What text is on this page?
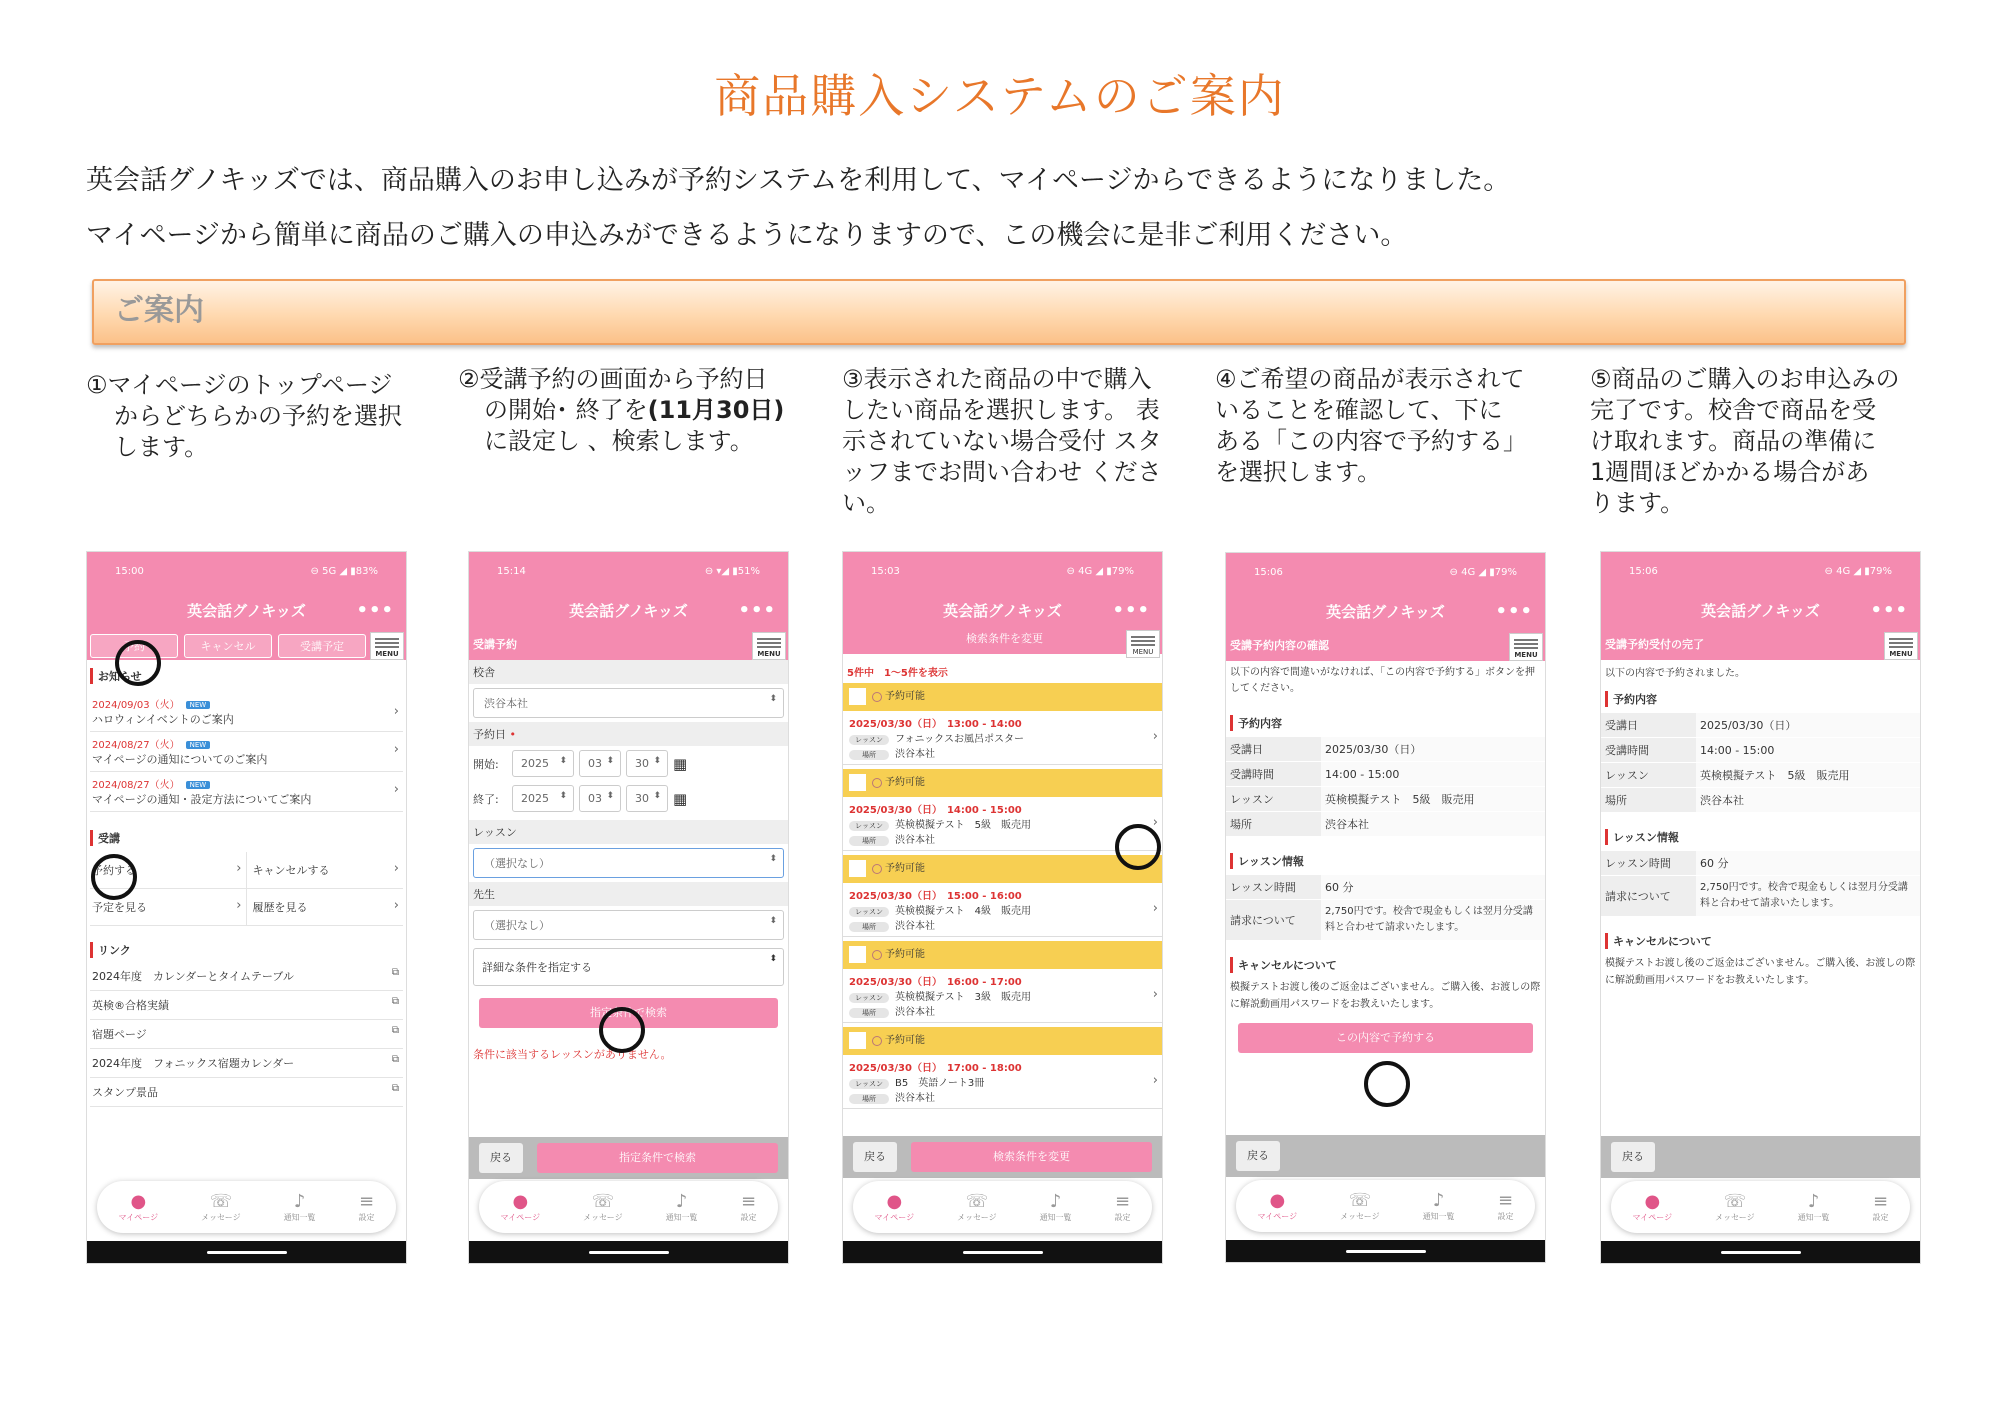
商品購入システムのご案内
英会話グノキッズでは、商品購入のお申し込みが予約システムを利用して、マイページからできるようになりました。
マイページから簡単に商品のご購入の申込みができるようになりますので、この機会に是非ご利用ください。
ご案内
①マイページのトップページ
からどちらかの予約を選択
します。
②受講予約の画面から予約日
の開始･ 終了を(11月30日)
に設定し 、検索します。
③表示された商品の中で購入
したい商品を選択します。 表
示されていない場合受付 スタ
ッフまでお問い合わせ くださ
い。
④ご希望の商品が表示されて
いることを確認して、下に
ある「この内容で予約する」
を選択します。
⑤商品のご購入のお申込みの
完了です。校舎で商品を受
け取れます。商品の準備に
1週間ほどかかる場合があ
ります。
15:00	⊖ 5G ◢ ▮83%
英会話グノキッズ	•••
予約	キャンセル	受講予定
MENU
お知らせ
2024/09/03（火） NEW
ハロウィンイベントのご案内
›
2024/08/27（火） NEW
マイページの通知についてのご案内
›
2024/08/27（火） NEW
マイページの通知・設定方法についてご案内
›
受講
予約する	›	キャンセルする	›
予定を見る	›	履歴を見る	›
リンク
2024年度　カレンダーとタイムテーブル	⧉
英検®合格実績	⧉
宿題ページ	⧉
2024年度　フォニックス宿題カレンダー	⧉
スタンプ景品	⧉
●
マイページ
☏
メッセージ
♪
通知一覧
≡
設定
15:14	⊖ ▾◢ ▮51%
英会話グノキッズ	•••
受講予約
MENU
校舎
渋谷本社 ⬍
予約日 •
開始:	2025 ⬍	03 ⬍	30 ⬍	▦
終了:	2025 ⬍	03 ⬍	30 ⬍	▦
レッスン
（選択なし） ⬍
先生
（選択なし） ⬍
詳細な条件を指定する ⬍
指定条件で検索
条件に該当するレッスンがありません。
戻る	指定条件で検索
●
マイページ
☏
メッセージ
♪
通知一覧
≡
設定
15:03	⊖ 4G ◢ ▮79%
英会話グノキッズ	•••
検索条件を変更
MENU
5件中　1～5件を表示
予約可能
2025/03/30（日）　13:00 - 14:00
レッスン フォニックスお風呂ポスター
場所 渋谷本社
›
予約可能
2025/03/30（日）　14:00 - 15:00
レッスン 英検模擬テスト　5級　販売用
場所 渋谷本社
›
予約可能
2025/03/30（日）　15:00 - 16:00
レッスン 英検模擬テスト　4級　販売用
場所 渋谷本社
›
予約可能
2025/03/30（日）　16:00 - 17:00
レッスン 英検模擬テスト　3級　販売用
場所 渋谷本社
›
予約可能
2025/03/30（日）　17:00 - 18:00
レッスン B5　英語ノート3冊
場所 渋谷本社
›
戻る	検索条件を変更
●
マイページ
☏
メッセージ
♪
通知一覧
≡
設定
15:06	⊖ 4G ◢ ▮79%
英会話グノキッズ	•••
受講予約内容の確認
MENU
以下の内容で間違いがなければ、「この内容で予約する」ボタンを押してください。
予約内容
受講日	2025/03/30（日）
受講時間	14:00 - 15:00
レッスン	英検模擬テスト　5級　販売用
場所	渋谷本社
レッスン情報
レッスン時間	60 分
請求について	2,750円です。校舎で現金もしくは翌月分受講料と合わせて請求いたします。
キャンセルについて
模擬テストお渡し後のご返金はございません。ご購入後、お渡しの際に解説動画用パスワードをお教えいたします。
この内容で予約する
戻る
●
マイページ
☏
メッセージ
♪
通知一覧
≡
設定
15:06	⊖ 4G ◢ ▮79%
英会話グノキッズ	•••
受講予約受付の完了
MENU
以下の内容で予約されました。
予約内容
受講日	2025/03/30（日）
受講時間	14:00 - 15:00
レッスン	英検模擬テスト　5級　販売用
場所	渋谷本社
レッスン情報
レッスン時間	60 分
請求について	2,750円です。校舎で現金もしくは翌月分受講料と合わせて請求いたします。
キャンセルについて
模擬テストお渡し後のご返金はございません。ご購入後、お渡しの際に解説動画用パスワードをお教えいたします。
戻る
●
マイページ
☏
メッセージ
♪
通知一覧
≡
設定
